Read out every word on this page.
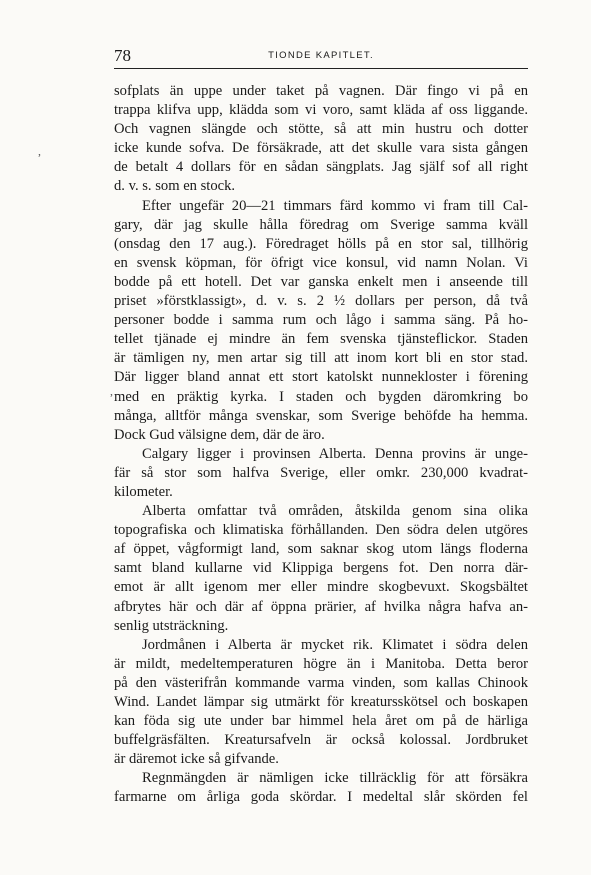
78	TIONDE KAPITLET.
,
,
sofplats än uppe under taket på vagnen. Där fingo vi på en
trappa klifva upp, klädda som vi voro, samt kläda af oss liggande.
Och vagnen slängde och stötte, så att min hustru och dotter
icke kunde sofva. De försäkrade, att det skulle vara sista gången
de betalt 4 dollars för en sådan sängplats. Jag själf sof all right
d. v. s. som en stock.
Efter ungefär 20—21 timmars färd kommo vi fram till Cal-
gary, där jag skulle hålla föredrag om Sverige samma kväll
(onsdag den 17 aug.). Föredraget hölls på en stor sal, tillhörig
en svensk köpman, för öfrigt vice konsul, vid namn Nolan. Vi
bodde på ett hotell. Det var ganska enkelt men i anseende till
priset »förstklassigt», d. v. s. 2 ½ dollars per person, då två
personer bodde i samma rum och lågo i samma säng. På ho-
tellet tjänade ej mindre än fem svenska tjänsteflickor. Staden
är tämligen ny, men artar sig till att inom kort bli en stor stad.
Där ligger bland annat ett stort katolskt nunnekloster i förening
med en präktig kyrka. I staden och bygden däromkring bo
många, alltför många svenskar, som Sverige behöfde ha hemma.
Dock Gud välsigne dem, där de äro.
Calgary ligger i provinsen Alberta. Denna provins är unge-
fär så stor som halfva Sverige, eller omkr. 230,000 kvadrat-
kilometer.
Alberta omfattar två områden, åtskilda genom sina olika
topografiska och klimatiska förhållanden. Den södra delen utgöres
af öppet, vågformigt land, som saknar skog utom längs floderna
samt bland kullarne vid Klippiga bergens fot. Den norra där-
emot är allt igenom mer eller mindre skogbevuxt. Skogsbältet
afbrytes här och där af öppna prärier, af hvilka några hafva an-
senlig utsträckning.
Jordmånen i Alberta är mycket rik. Klimatet i södra delen
är mildt, medeltemperaturen högre än i Manitoba. Detta beror
på den västerifrån kommande varma vinden, som kallas Chinook
Wind. Landet lämpar sig utmärkt för kreatursskötsel och boskapen
kan föda sig ute under bar himmel hela året om på de härliga
buffelgräsfälten. Kreatursafveln är också kolossal. Jordbruket
är däremot icke så gifvande.
Regnmängden är nämligen icke tillräcklig för att försäkra
farmarne om årliga goda skördar. I medeltal slår skörden fel
